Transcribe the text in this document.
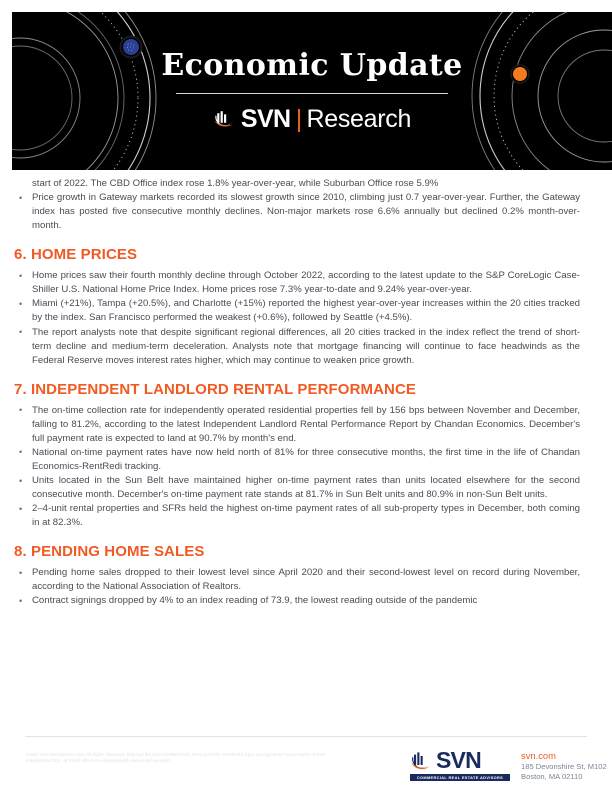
Economic Update
SVN Research

start of 2022. The CBD Office index rose 1.8% year-over-year, while Suburban Office rose 5.9%

• Price growth in Gateway markets recorded its slowest growth since 2010, climbing just 0.7 year-over-year. Further, the Gateway index has posted five consecutive monthly declines. Non-major markets rose 6.6% annually but declined 0.2% month-over-month.
6. HOME PRICES
• Home prices saw their fourth monthly decline through October 2022, according to the latest update to the S&P CoreLogic Case-Shiller U.S. National Home Price Index. Home prices rose 7.3% year-to-date and 9.24% year-over-year.
• Miami (+21%), Tampa (+20.5%), and Charlotte (+15%) reported the highest year-over-year increases within the 20 cities tracked by the index. San Francisco performed the weakest (+0.6%), followed by Seattle (+4.5%).
• The report analysts note that despite significant regional differences, all 20 cities tracked in the index reflect the trend of short-term decline and medium-term deceleration. Analysts note that mortgage financing will continue to face headwinds as the Federal Reserve moves interest rates higher, which may continue to weaken price growth.
7. INDEPENDENT LANDLORD RENTAL PERFORMANCE
• The on-time collection rate for independently operated residential properties fell by 156 bps between November and December, falling to 81.2%, according to the latest Independent Landlord Rental Performance Report by Chandan Economics. December's full payment rate is expected to land at 90.7% by month's end.
• National on-time payment rates have now held north of 81% for three consecutive months, the first time in the life of Chandan Economics-RentRedi tracking.
• Units located in the Sun Belt have maintained higher on-time payment rates than units located elsewhere for the second consecutive month. December's on-time payment rate stands at 81.7% in Sun Belt units and 80.9% in non-Sun Belt units.
• 2–4-unit rental properties and SFRs held the highest on-time payment rates of all sub-property types in December, both coming in at 82.3%.
8. PENDING HOME SALES
• Pending home sales dropped to their lowest level since April 2020 and their second-lowest level on record during November, according to the National Association of Realtors.
• Contract signings dropped by 4% to an index reading of 73.9, the lowest reading outside of the pandemic
©2022 SVN International Corp. All Rights Reserved. SVN and the SVN COMMERCIAL REAL ESTATE ADVISORS logos are registered service marks of SVN International Corp. All SVN® offices are independently owned and operated.	SVN
COMMERCIAL REAL ESTATE ADVISORS
svn.com
185 Devonshire St, M102
Boston, MA 02110
